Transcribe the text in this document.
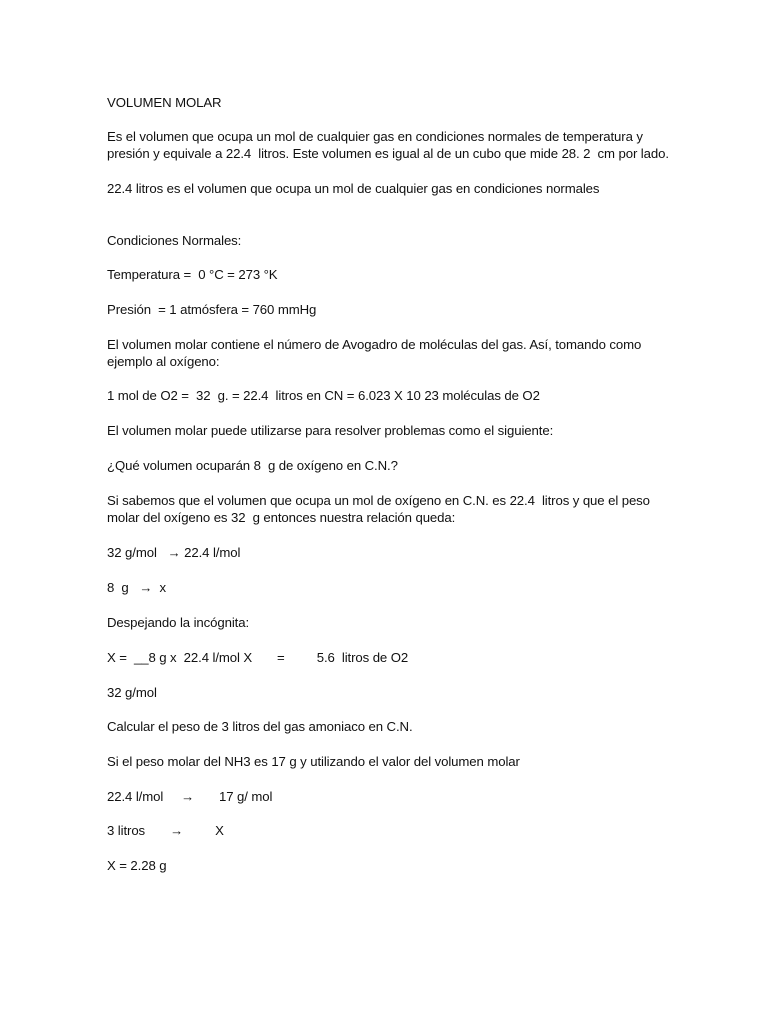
VOLUMEN MOLAR
Es el volumen que ocupa un mol de cualquier gas en condiciones normales de temperatura y
presión y equivale a 22.4  litros. Este volumen es igual al de un cubo que mide 28. 2  cm por lado.
22.4 litros es el volumen que ocupa un mol de cualquier gas en condiciones normales
Condiciones Normales:
Temperatura =  0 °C = 273 °K
Presión  = 1 atmósfera = 760 mmHg
El volumen molar contiene el número de Avogadro de moléculas del gas. Así, tomando como
ejemplo al oxígeno:
1 mol de O2 =  32  g. = 22.4  litros en CN = 6.023 X 10 23 moléculas de O2
El volumen molar puede utilizarse para resolver problemas como el siguiente:
¿Qué volumen ocuparán 8  g de oxígeno en C.N.?
Si sabemos que el volumen que ocupa un mol de oxígeno en C.N. es 22.4  litros y que el peso
molar del oxígeno es 32  g entonces nuestra relación queda:
32 g/mol   → 22.4 l/mol
8  g   →  x
Despejando la incógnita:
X =  __8 g x  22.4 l/mol X       =         5.6  litros de O2
32 g/mol
Calcular el peso de 3 litros del gas amoniaco en C.N.
Si el peso molar del NH3 es 17 g y utilizando el valor del volumen molar
22.4 l/mol     →       17 g/ mol
3 litros       →         X
X = 2.28 g
